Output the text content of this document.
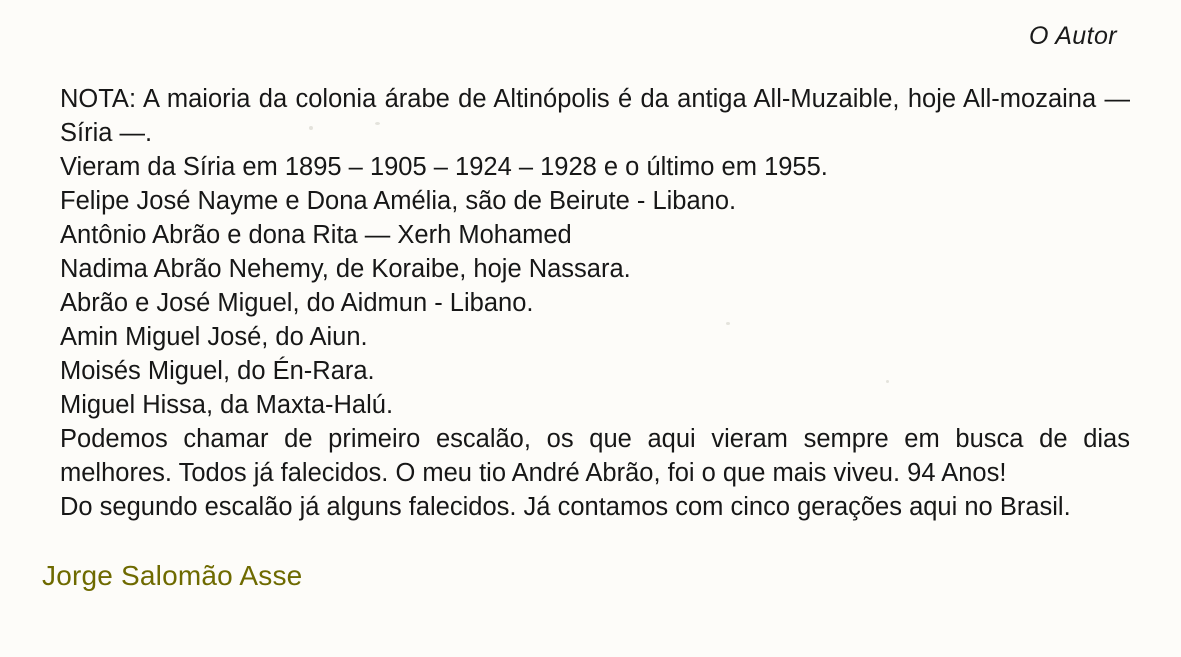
O Autor
NOTA: A maioria da colonia árabe de Altinópolis é da antiga All-Muzaible, hoje All-mozaina — Síria —.
Vieram da Síria em 1895 – 1905 – 1924 – 1928 e o último em 1955.
Felipe José Nayme e Dona Amélia, são de Beirute - Libano.
Antônio Abrão e dona Rita — Xerh Mohamed
Nadima Abrão Nehemy, de Koraibe, hoje Nassara.
Abrão e José Miguel, do Aidmun - Libano.
Amin Miguel José, do Aiun.
Moisés Miguel, do Én-Rara.
Miguel Hissa, da Maxta-Halú.
Podemos chamar de primeiro escalão, os que aqui vieram sempre em busca de dias melhores. Todos já falecidos. O meu tio André Abrão, foi o que mais viveu. 94 Anos!
Do segundo escalão já alguns falecidos. Já contamos com cinco gerações aqui no Brasil.
Jorge Salomão Asse
